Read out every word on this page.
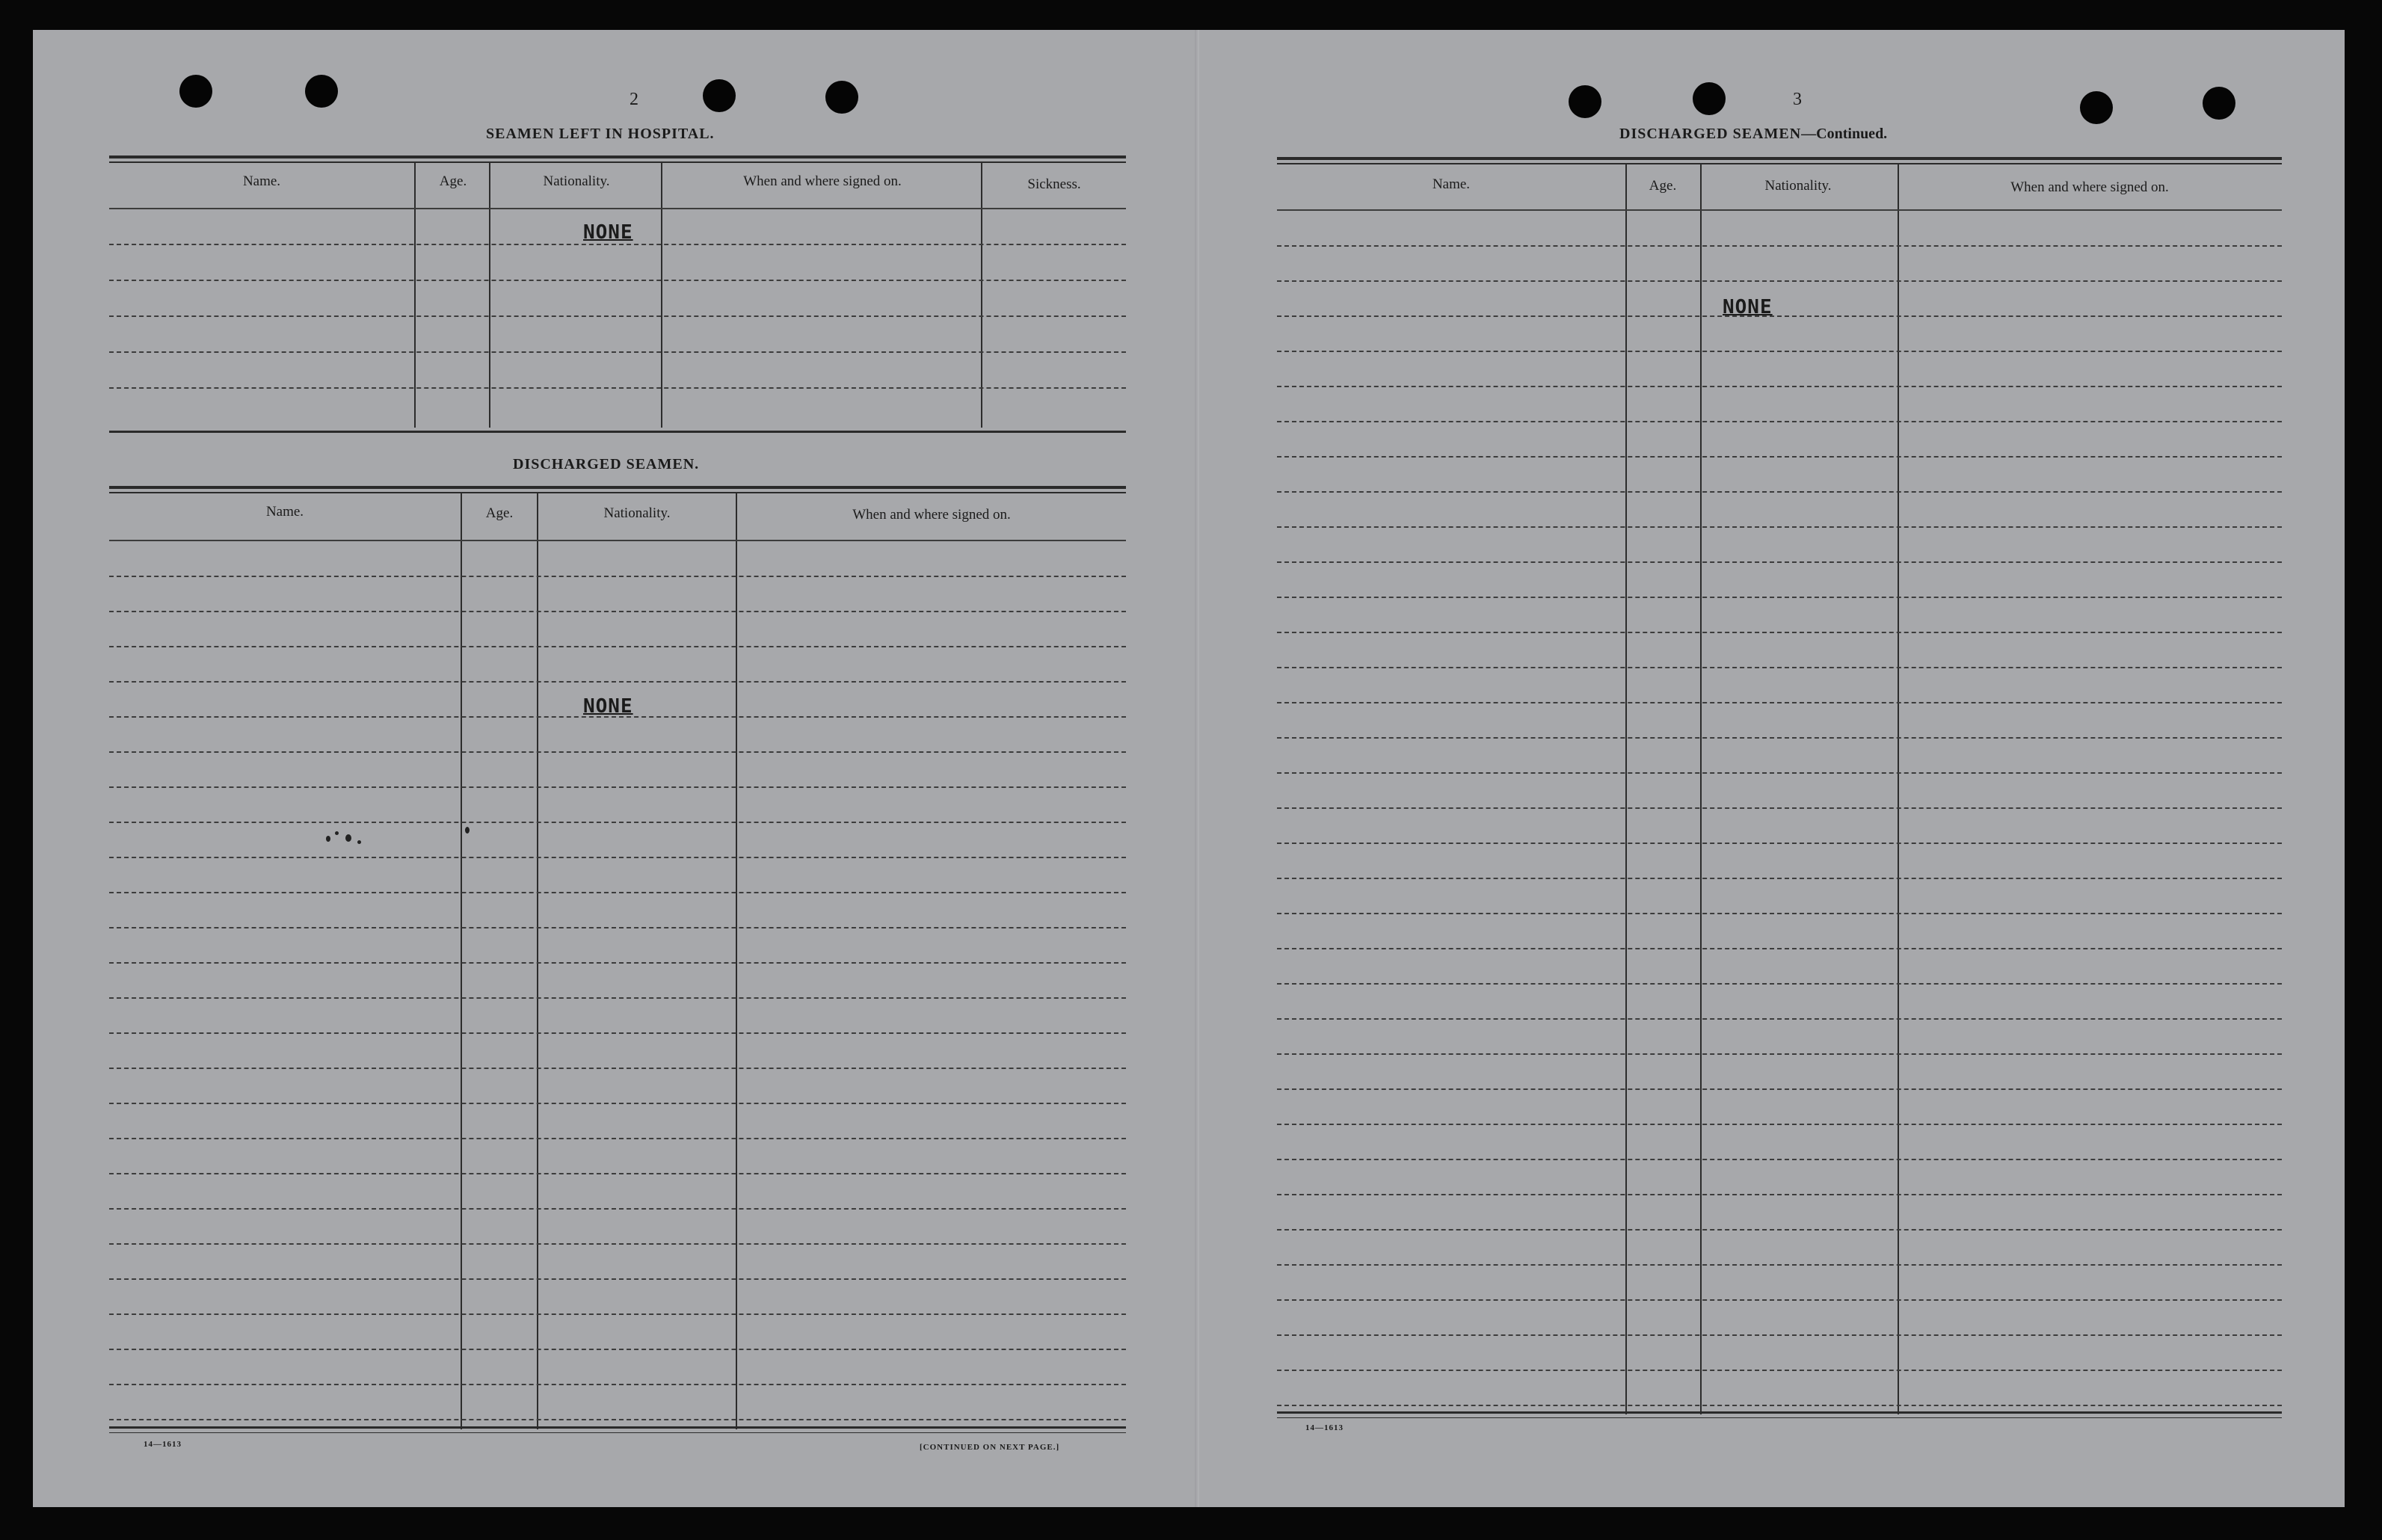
2
SEAMEN LEFT IN HOSPITAL.
Name.	Age.	Nationality.	When and where signed on.	Sickness.
NONE
DISCHARGED SEAMEN.
Name.	Age.	Nationality.	When and where signed on.
NONE
14—1613	[CONTINUED ON NEXT PAGE.]
3
DISCHARGED SEAMEN—Continued.
Name.	Age.	Nationality.	When and where signed on.
NONE
14—1613
